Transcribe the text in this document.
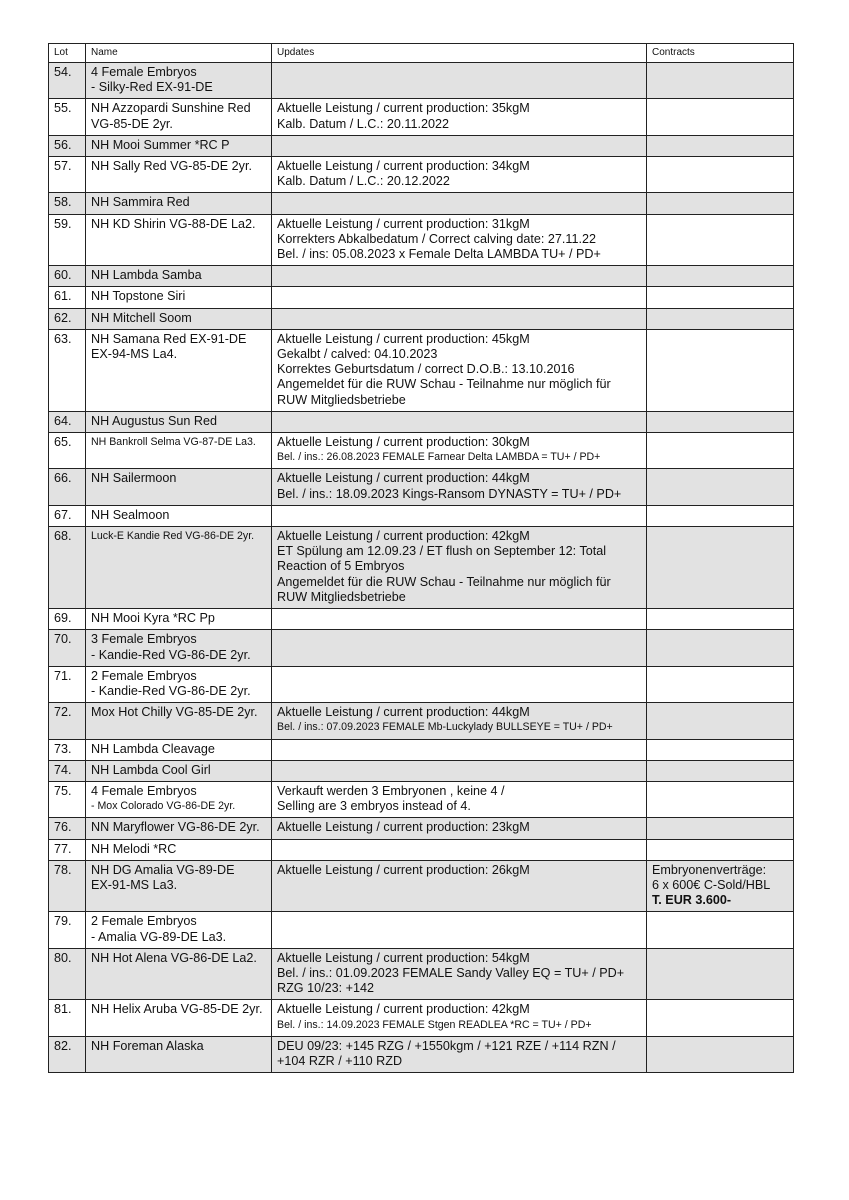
Lot	Name	Updates	Contracts
54.	4 Female Embryos
- Silky-Red EX-91-DE		

55.	NH Azzopardi Sunshine Red
VG-85-DE 2yr.	Aktuelle Leistung / current production: 35kgM
Kalb. Datum / L.C.: 20.11.2022	

56.	NH Mooi Summer *RC P		

57.	NH Sally Red VG-85-DE 2yr.	Aktuelle Leistung / current production: 34kgM
Kalb. Datum / L.C.: 20.12.2022	

58.	NH Sammira Red		

59.	NH KD Shirin VG-88-DE La2.	Aktuelle Leistung / current production: 31kgM
Korrekters Abkalbedatum / Correct calving date: 27.11.22
Bel. / ins: 05.08.2023 x Female Delta LAMBDA TU+ / PD+	

60.	NH Lambda Samba		

61.	NH Topstone Siri		

62.	NH Mitchell Soom		

63.	NH Samana Red EX-91-DE
EX-94-MS La4.	Aktuelle Leistung / current production: 45kgM
Gekalbt / calved: 04.10.2023
Korrektes Geburtsdatum / correct D.O.B.: 13.10.2016
Angemeldet für die RUW Schau - Teilnahme nur möglich für
RUW Mitgliedsbetriebe	

64.	NH Augustus Sun Red		

65.	NH Bankroll Selma VG-87-DE La3.	Aktuelle Leistung / current production: 30kgM
Bel. / ins.: 26.08.2023 FEMALE Farnear Delta LAMBDA = TU+ / PD+	

66.	NH Sailermoon	Aktuelle Leistung / current production: 44kgM
Bel. / ins.: 18.09.2023 Kings-Ransom DYNASTY = TU+ / PD+	

67.	NH Sealmoon		

68.	Luck-E Kandie Red VG-86-DE 2yr.	Aktuelle Leistung / current production: 42kgM
ET Spülung am 12.09.23 / ET flush on September 12: Total
Reaction of 5 Embryos
Angemeldet für die RUW Schau - Teilnahme nur möglich für
RUW Mitgliedsbetriebe	

69.	NH Mooi Kyra *RC Pp		

70.	3 Female Embryos
- Kandie-Red VG-86-DE 2yr.		

71.	2 Female Embryos
- Kandie-Red VG-86-DE 2yr.		

72.	Mox Hot Chilly VG-85-DE 2yr.	Aktuelle Leistung / current production: 44kgM
Bel. / ins.: 07.09.2023 FEMALE Mb-Luckylady BULLSEYE = TU+ / PD+	

73.	NH Lambda Cleavage		

74.	NH Lambda Cool Girl		

75.	4 Female Embryos
- Mox Colorado VG-86-DE 2yr.	Verkauft werden 3 Embryonen , keine 4 /
Selling are 3 embryos instead of 4.	

76.	NN Maryflower VG-86-DE 2yr.	Aktuelle Leistung / current production: 23kgM	

77.	NH Melodi *RC		

78.	NH DG Amalia VG-89-DE
EX-91-MS La3.	Aktuelle Leistung / current production: 26kgM	Embryonenverträge:
6 x 600€ C-Sold/HBL
T. EUR 3.600-

79.	2 Female Embryos
- Amalia VG-89-DE La3.		

80.	NH Hot Alena VG-86-DE La2.	Aktuelle Leistung / current production: 54kgM
Bel. / ins.: 01.09.2023 FEMALE Sandy Valley EQ = TU+ / PD+
RZG 10/23: +142	

81.	NH Helix Aruba VG-85-DE 2yr.	Aktuelle Leistung / current production: 42kgM
Bel. / ins.: 14.09.2023 FEMALE Stgen READLEA *RC = TU+ / PD+	

82.	NH Foreman Alaska	DEU 09/23: +145 RZG / +1550kgm / +121 RZE / +114 RZN /
+104 RZR / +110 RZD	
